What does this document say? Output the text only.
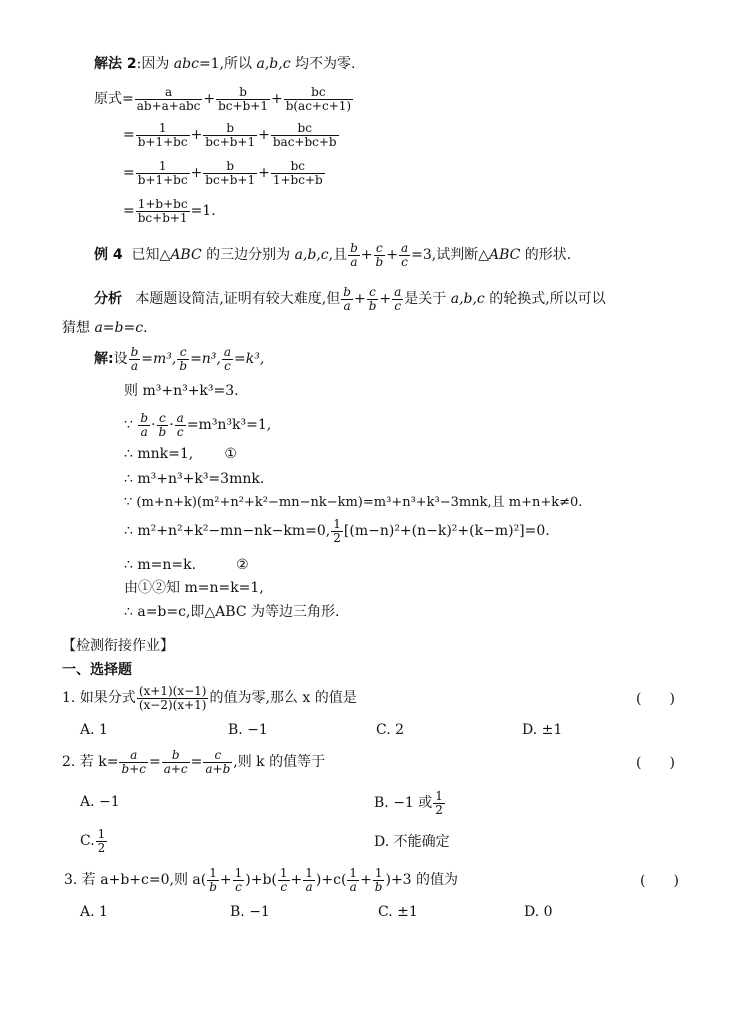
解法 2:因为 abc=1,所以 a,b,c 均不为零.
原式= $\frac{a}{\text{ab+a+abc}} + \frac{b}{bc+b+1} + \frac{bc}{b(ac+c+1)}$
= $\frac{1}{b+1+bc} + \frac{b}{bc+b+1} + \frac{bc}{\text{bac+bc+b}}$
= $\frac{1}{b+1+bc} + \frac{b}{bc+b+1} + \frac{bc}{1+bc+b}$
= $\frac{1+b+bc}{bc+b+1} =1$.
例 4 已知△ABC 的三边分别为 a,b,c,且 $\frac{b}{a} + \frac{c}{b} + \frac{a}{c} =3$,试判断△ABC 的形状.
分析 本题题设简洁,证明有较大难度,但 $\frac{b}{a} + \frac{c}{b} + \frac{a}{c}$ 是关于 a,b,c 的轮换式,所以可以
猜想 a=b=c.
解:设 $\frac{b}{a} =m^3$, $\frac{c}{b} =n^3$, $\frac{a}{c} =k^3$,
则 m³+n³+k³=3.
∵ $\frac{b}{a} \cdot \frac{c}{b} \cdot \frac{a}{c} =m^3n^3k^3=1$,
∴ mnk=1, ①
∴ m³+n³+k³=3mnk.
∵ (m+n+k)(m²+n²+k²−mn−nk−km)=m³+n³+k³−3mnk,且 m+n+k≠0.
∴ m²+n²+k²−mn−nk−km=0, $\frac{1}{2} [(m-n)^2+(n-k)^2+(k-m)^2]=0$.
∴ m=n=k.	②
由①②知 m=n=k=1,
∴ a=b=c,即△ABC 为等边三角形.
【检测衔接作业】
一、选择题
1. 如果分式 $\frac{(x+1)(x-1)}{(x-2)(x+1)}$ 的值为零,那么 x 的值是	(　　)
A. 1	B. −1	C. 2	D. ±1
2. 若 $k= \frac{a}{b+c} = \frac{b}{a+c} = \frac{c}{a+b}$ ,则 k 的值等于	(　　)
A. −1	B. −1 或 $\frac{1}{2}$
C. $\frac{1}{2}$	D. 不能确定
3. 若 a+b+c=0,则 $a( \frac{1}{b} + \frac{1}{c} )+b( \frac{1}{c} + \frac{1}{a} )+c( \frac{1}{a} + \frac{1}{b} )+3$ 的值为	(　　)
A. 1	B. −1	C. ±1	D. 0
